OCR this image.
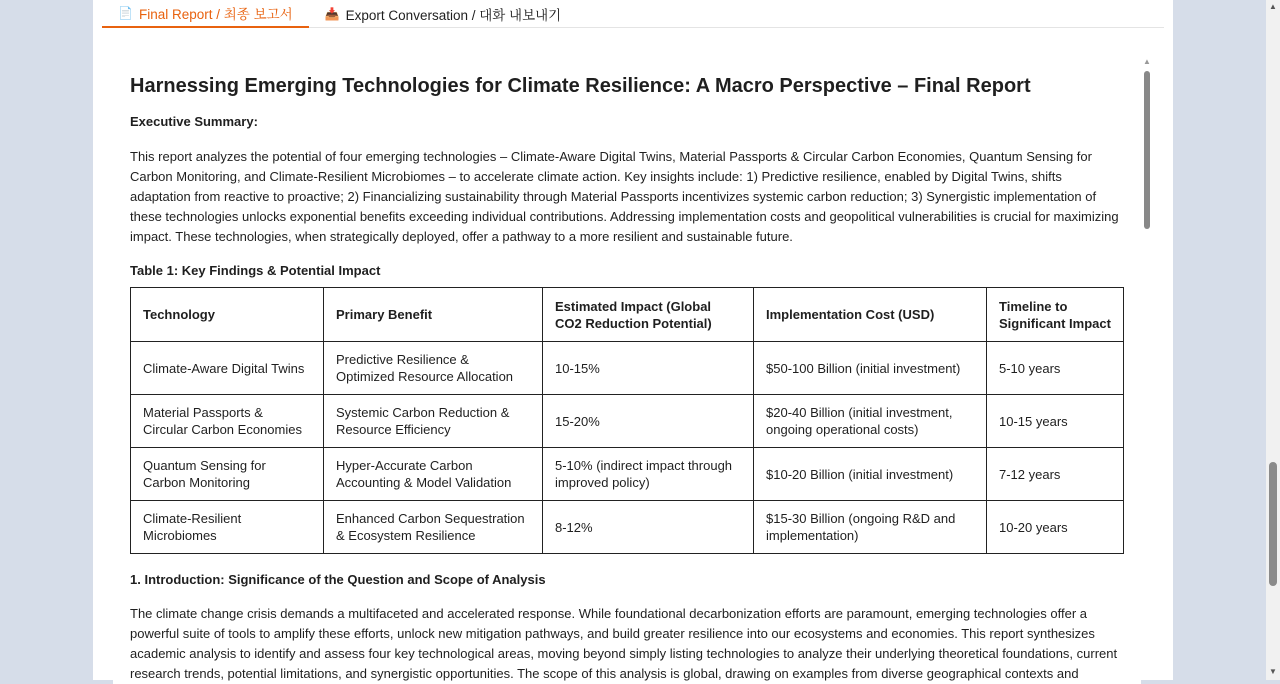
📄 Final Report / 최종 보고서	📥 Export Conversation / 대화 내보내기
Harnessing Emerging Technologies for Climate Resilience: A Macro Perspective – Final Report
Executive Summary:

This report analyzes the potential of four emerging technologies – Climate-Aware Digital Twins, Material Passports & Circular Carbon Economies, Quantum Sensing for Carbon Monitoring, and Climate-Resilient Microbiomes – to accelerate climate action. Key insights include: 1) Predictive resilience, enabled by Digital Twins, shifts adaptation from reactive to proactive; 2) Financializing sustainability through Material Passports incentivizes systemic carbon reduction; 3) Synergistic implementation of these technologies unlocks exponential benefits exceeding individual contributions. Addressing implementation costs and geopolitical vulnerabilities is crucial for maximizing impact. These technologies, when strategically deployed, offer a pathway to a more resilient and sustainable future.

Table 1: Key Findings & Potential Impact
Technology	Primary Benefit	Estimated Impact (Global CO2 Reduction Potential)	Implementation Cost (USD)	Timeline to Significant Impact
Climate-Aware Digital Twins	Predictive Resilience & Optimized Resource Allocation	10-15%	$50-100 Billion (initial investment)	5-10 years
Material Passports & Circular Carbon Economies	Systemic Carbon Reduction & Resource Efficiency	15-20%	$20-40 Billion (initial investment, ongoing operational costs)	10-15 years
Quantum Sensing for Carbon Monitoring	Hyper-Accurate Carbon Accounting & Model Validation	5-10% (indirect impact through improved policy)	$10-20 Billion (initial investment)	7-12 years
Climate-Resilient Microbiomes	Enhanced Carbon Sequestration & Ecosystem Resilience	8-12%	$15-30 Billion (ongoing R&D and implementation)	10-20 years
1. Introduction: Significance of the Question and Scope of Analysis

The climate change crisis demands a multifaceted and accelerated response. While foundational decarbonization efforts are paramount, emerging technologies offer a powerful suite of tools to amplify these efforts, unlock new mitigation pathways, and build greater resilience into our ecosystems and economies. This report synthesizes academic analysis to identify and assess four key technological areas, moving beyond simply listing technologies to analyze their underlying theoretical foundations, current research trends, potential limitations, and synergistic opportunities. The scope of this analysis is global, drawing on examples from diverse geographical contexts and

▲
▲
▼
